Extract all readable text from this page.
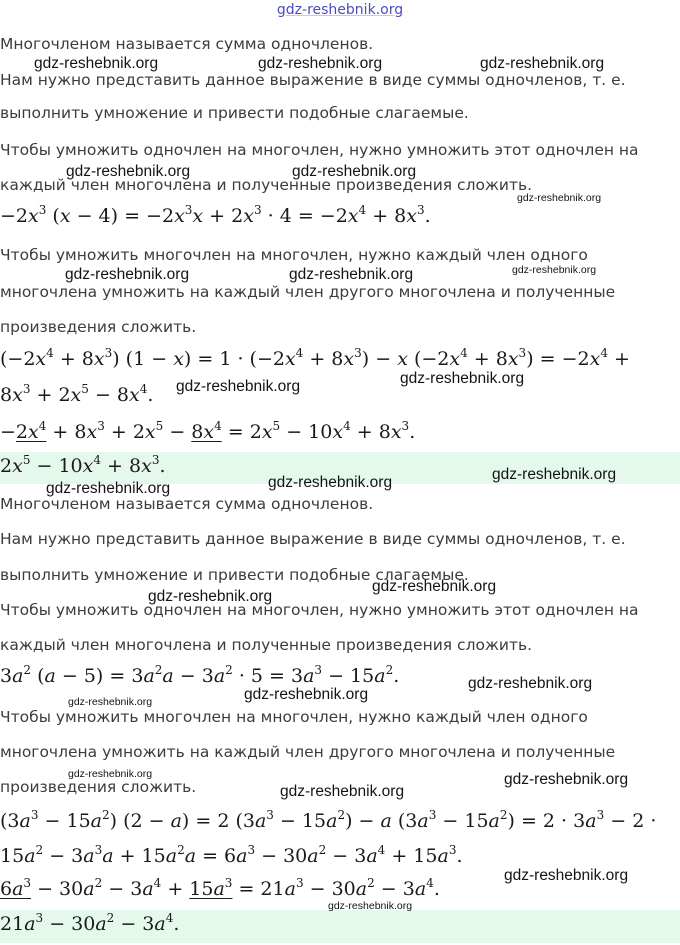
gdz-reshebnik.org
Многочленом называется сумма одночленов.
Нам нужно представить данное выражение в виде суммы одночленов, т. е.
выполнить умножение и привести подобные слагаемые.
Чтобы умножить одночлен на многочлен, нужно умножить этот одночлен на
каждый член многочлена и полученные произведения сложить.
$-2x^3$ $(x - 4) = -2x^3x + 2x^3 \cdot 4 = -2x^4 + 8x^3$.
Чтобы умножить многочлен на многочлен, нужно каждый член одного
многочлена умножить на каждый член другого многочлена и полученные
произведения сложить.
$(-2x^4 + 8x^3) (1 - x) = 1 \cdot (-2x^4 + 8x^3) - x$ $(-2x^4 + 8x^3) = -2x^4$ +
$8x^3 + 2x^5 - 8x^4$.
$-2x^4 + 8x^3 + 2x^5 - 8x^4 = 2x^5 - 10x^4 + 8x^3$.
$2x^5 - 10x^4 + 8x^3$.
Многочленом называется сумма одночленов.
Нам нужно представить данное выражение в виде суммы одночленов, т. е.
выполнить умножение и привести подобные слагаемые.
Чтобы умножить одночлен на многочлен, нужно умножить этот одночлен на
каждый член многочлена и полученные произведения сложить.
$3a^2$ $(a - 5) = 3a^2a - 3a^2 \cdot 5 = 3a^3 - 15a^2$.
Чтобы умножить многочлен на многочлен, нужно каждый член одного
многочлена умножить на каждый член другого многочлена и полученные
произведения сложить.
$(3a^3 - 15a^2) (2 - a) = 2$ $(3a^3 - 15a^2) - a$ $(3a^3 - 15a^2) = 2 \cdot 3a^3 - 2$ ·
$15a^2 - 3a^3a + 15a^2a = 6a^3 - 30a^2 - 3a^4 + 15a^3$.
$6a^3 - 30a^2 - 3a^4 + 15a^3 = 21a^3 - 30a^2 - 3a^4$.
$21a^3 - 30a^2 - 3a^4$.
gdz-reshebnik.org	gdz-reshebnik.org	gdz-reshebnik.org
gdz-reshebnik.org	gdz-reshebnik.org
gdz-reshebnik.org
gdz-reshebnik.org	gdz-reshebnik.org	gdz-reshebnik.org
gdz-reshebnik.org	gdz-reshebnik.org
gdz-reshebnik.org
gdz-reshebnik.org	gdz-reshebnik.org
gdz-reshebnik.org
gdz-reshebnik.org
gdz-reshebnik.org
gdz-reshebnik.org
gdz-reshebnik.org
gdz-reshebnik.org	gdz-reshebnik.org
gdz-reshebnik.org
gdz-reshebnik.org
gdz-reshebnik.org
